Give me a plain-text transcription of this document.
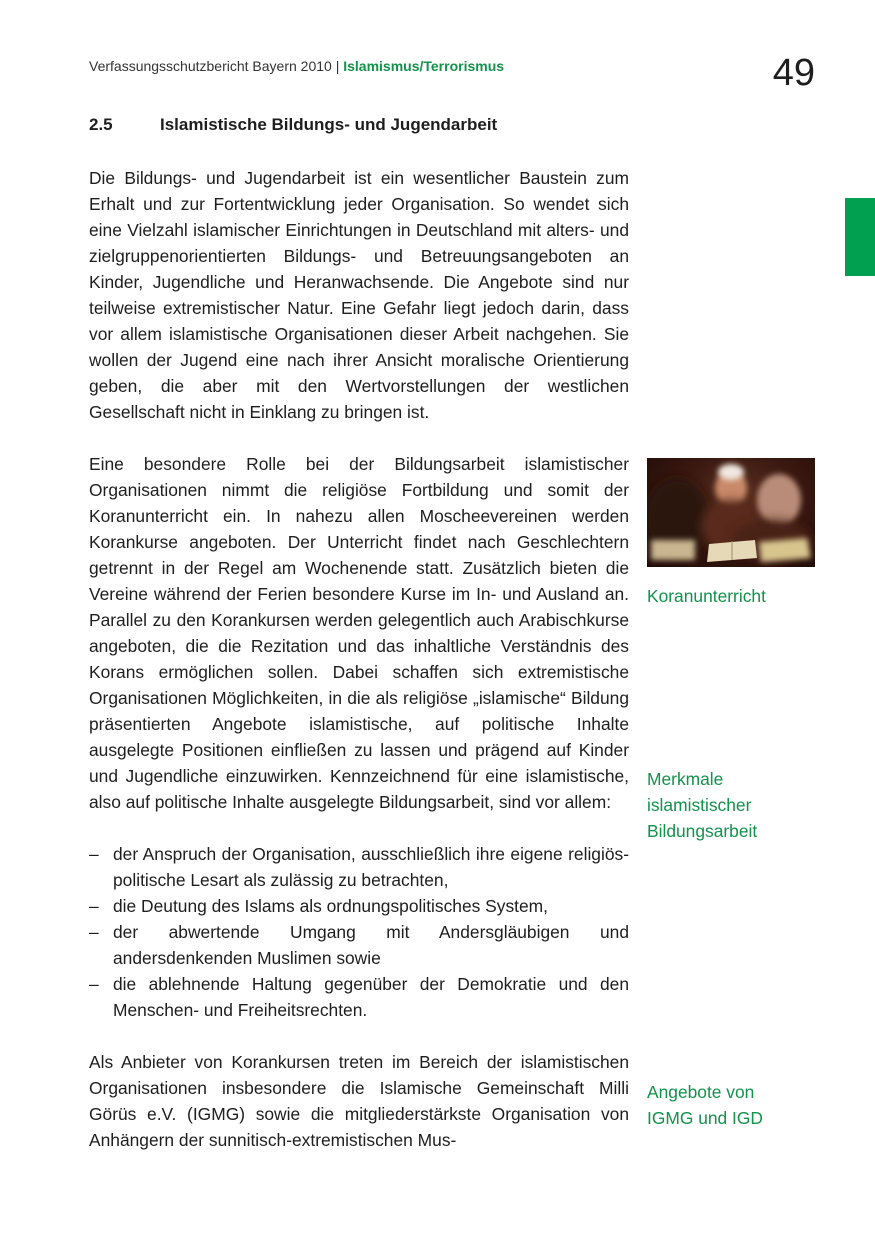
Verfassungsschutzbericht Bayern 2010 | Islamismus/Terrorismus	49
2.5	Islamistische Bildungs- und Jugendarbeit

Die Bildungs- und Jugendarbeit ist ein wesentlicher Baustein zum Erhalt und zur Fortentwicklung jeder Organisation. So wendet sich eine Vielzahl islamischer Einrichtungen in Deutschland mit alters- und zielgruppenorientierten Bildungs- und Betreuungsangeboten an Kinder, Jugendliche und Heranwachsende. Die Angebote sind nur teilweise extremistischer Natur. Eine Gefahr liegt jedoch darin, dass vor allem islamistische Organisationen dieser Arbeit nachgehen. Sie wollen der Jugend eine nach ihrer Ansicht moralische Orientierung geben, die aber mit den Wertvorstellungen der westlichen Gesellschaft nicht in Einklang zu bringen ist.

Eine besondere Rolle bei der Bildungsarbeit islamistischer Organisationen nimmt die religiöse Fortbildung und somit der Koranunterricht ein. In nahezu allen Moscheevereinen werden Korankurse angeboten. Der Unterricht findet nach Geschlechtern getrennt in der Regel am Wochenende statt. Zusätzlich bieten die Vereine während der Ferien besondere Kurse im In- und Ausland an. Parallel zu den Korankursen werden gelegentlich auch Arabischkurse angeboten, die die Rezitation und das inhaltliche Verständnis des Korans ermöglichen sollen. Dabei schaffen sich extremistische Organisationen Möglichkeiten, in die als religiöse „islamische“ Bildung präsentierten Angebote islamistische, auf politische Inhalte ausgelegte Positionen einfließen zu lassen und prägend auf Kinder und Jugendliche einzuwirken. Kennzeichnend für eine islamistische, also auf politische Inhalte ausgelegte Bildungsarbeit, sind vor allem:

– der Anspruch der Organisation, ausschließlich ihre eigene religiös-politische Lesart als zulässig zu betrachten,
– die Deutung des Islams als ordnungspolitisches System,
– der abwertende Umgang mit Andersgläubigen und andersdenkenden Muslimen sowie
– die ablehnende Haltung gegenüber der Demokratie und den Menschen- und Freiheitsrechten.

Als Anbieter von Korankursen treten im Bereich der islamistischen Organisationen insbesondere die Islamische Gemeinschaft Milli Görüs e.V. (IGMG) sowie die mitgliederstärkste Organisation von Anhängern der sunnitisch-extremistischen Mus-

Koranunterricht
Merkmale islamistischer Bildungsarbeit
Angebote von IGMG und IGD
